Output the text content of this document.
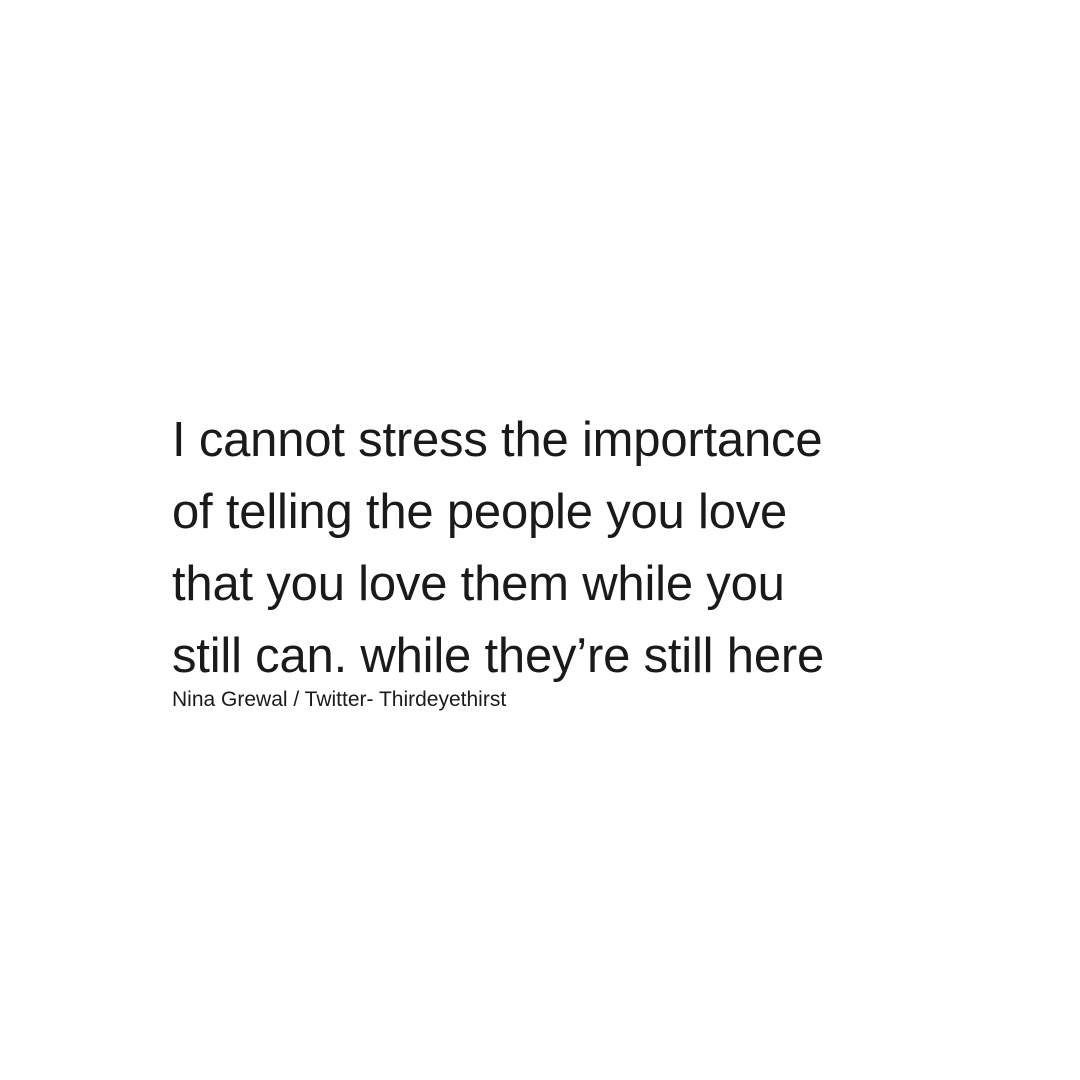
I cannot stress the importance
of telling the people you love
that you love them while you
still can. while they’re still here
Nina Grewal / Twitter- Thirdeyethirst
